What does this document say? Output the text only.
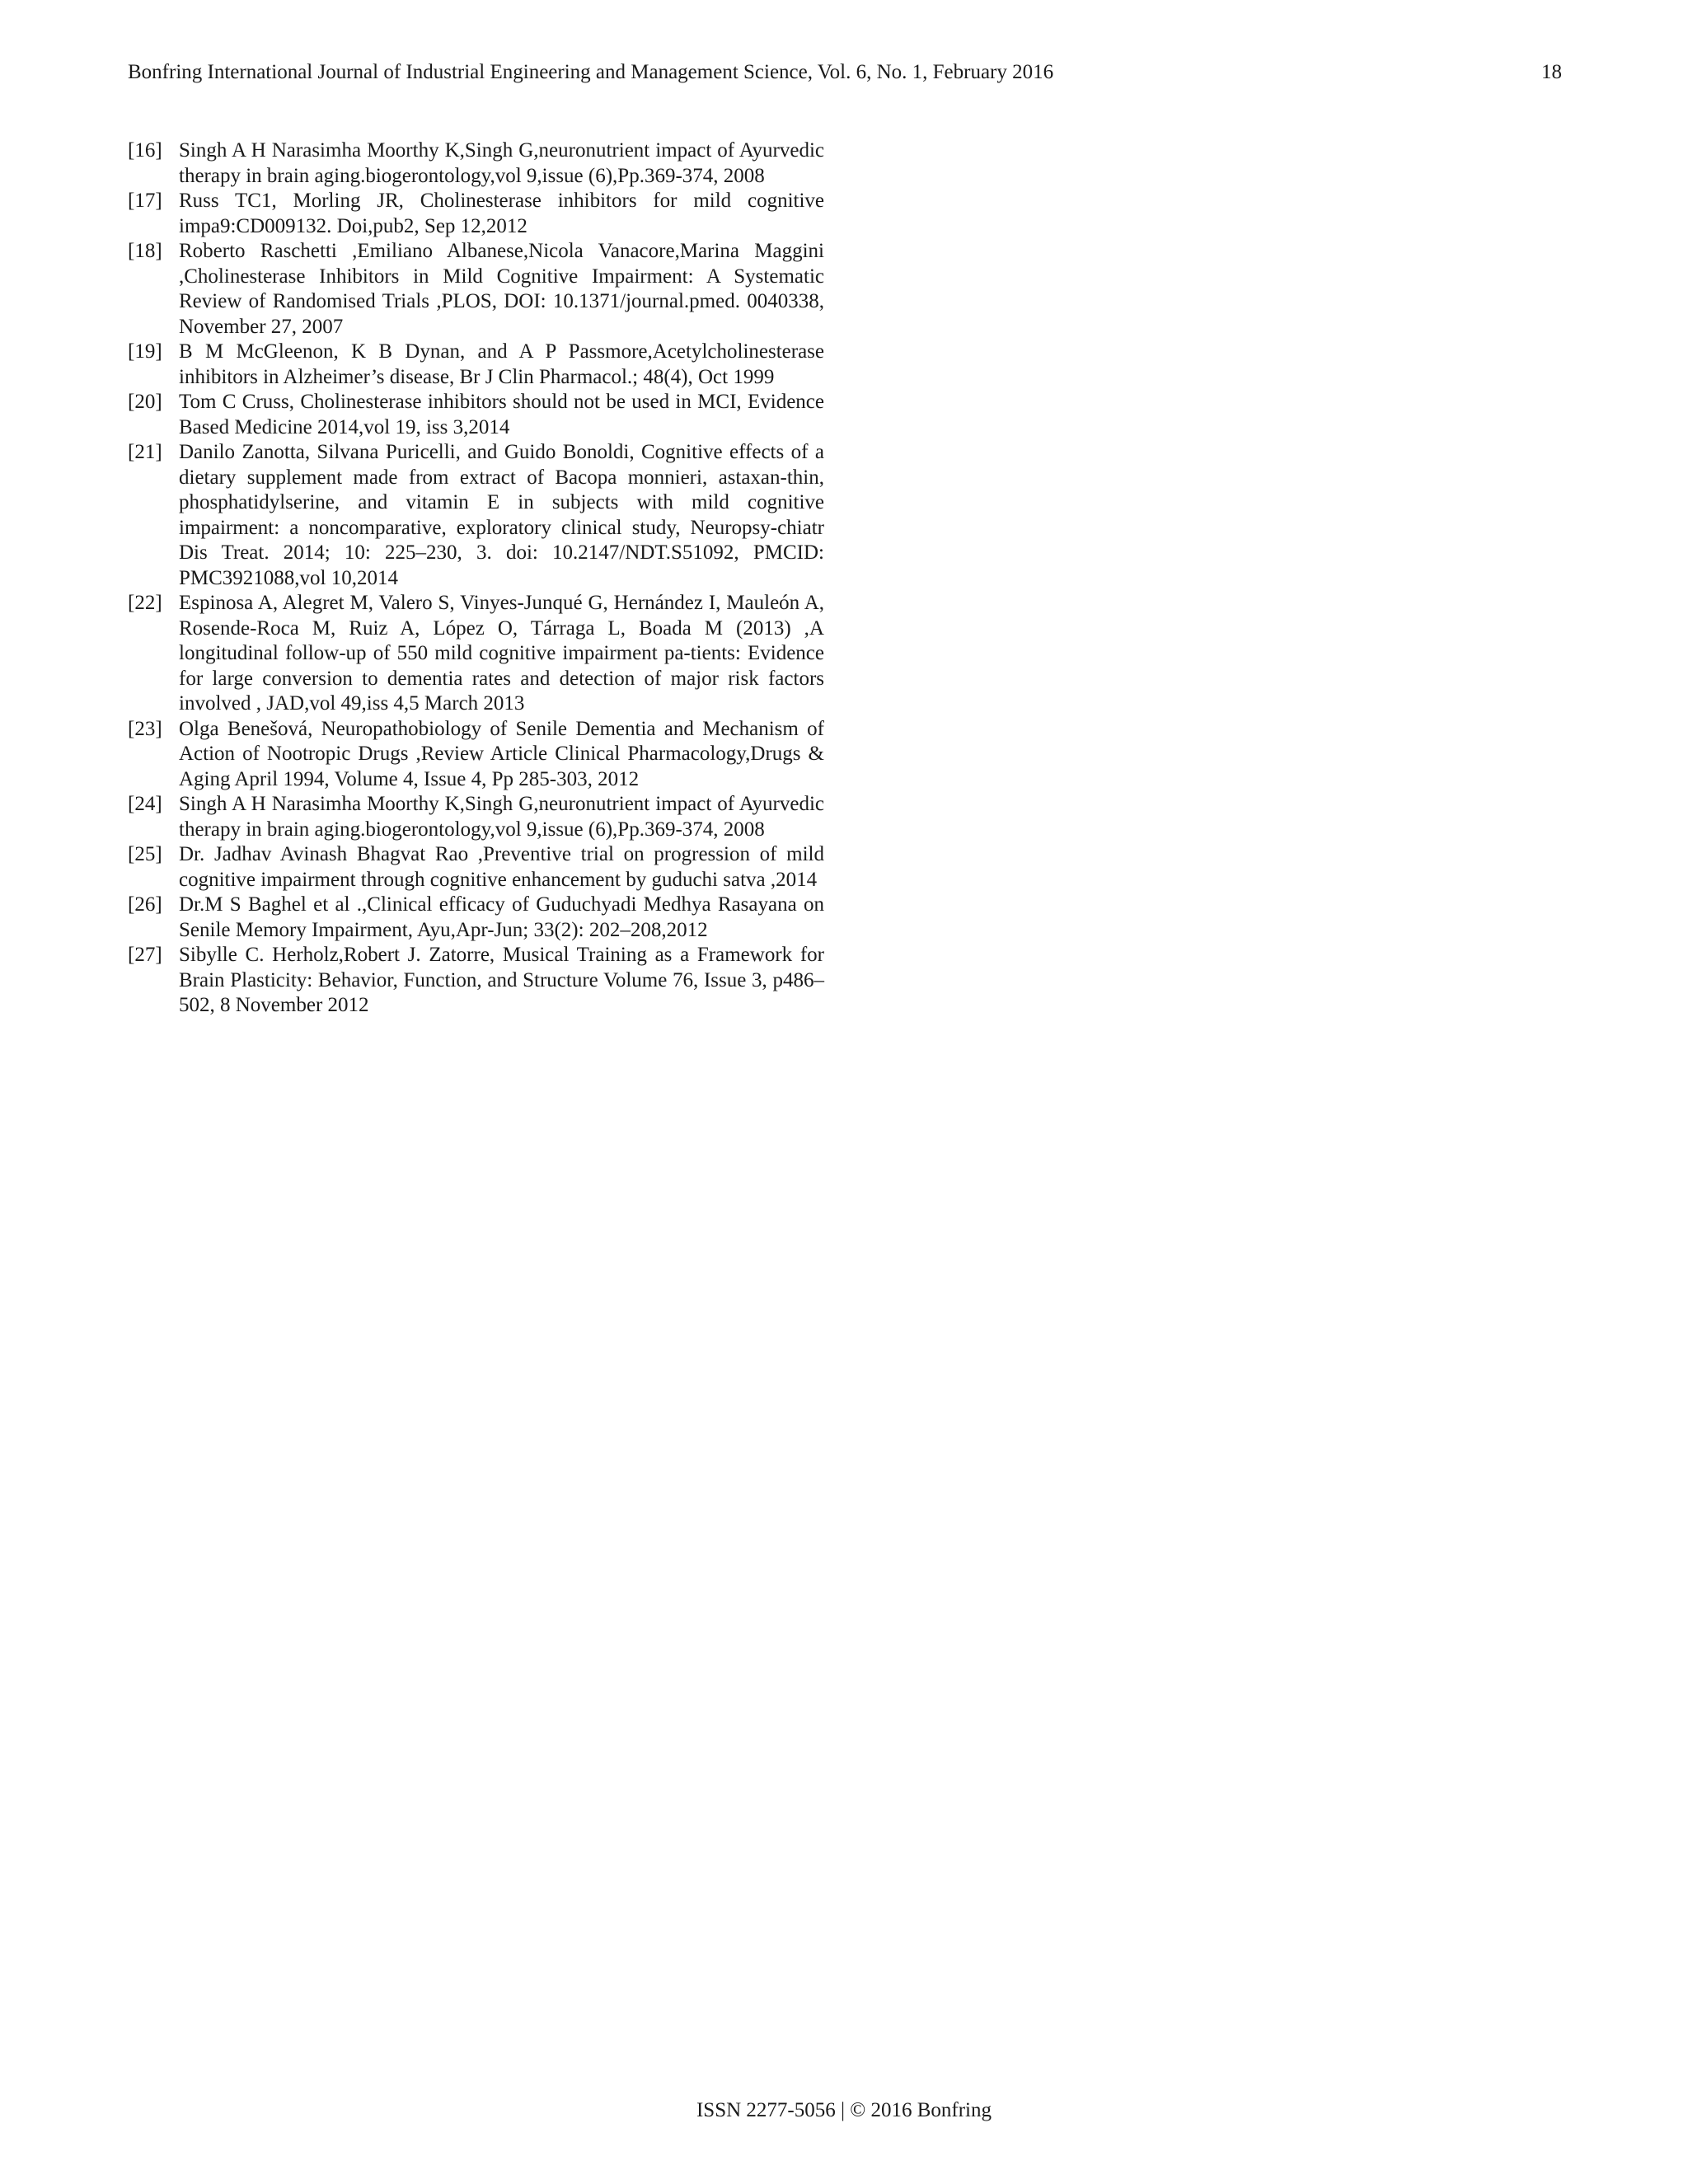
Bonfring International Journal of Industrial Engineering and Management Science, Vol. 6, No. 1, February 2016	18
[16] Singh A H Narasimha Moorthy K,Singh G,neuronutrient impact of Ayurvedic therapy in brain aging.biogerontology,vol 9,issue (6),Pp.369-374, 2008
[17] Russ TC1, Morling JR, Cholinesterase inhibitors for mild cognitive impa9:CD009132. Doi,pub2, Sep 12,2012
[18] Roberto Raschetti ,Emiliano Albanese,Nicola Vanacore,Marina Maggini ,Cholinesterase Inhibitors in Mild Cognitive Impairment: A Systematic Review of Randomised Trials ,PLOS, DOI: 10.1371/journal.pmed. 0040338, November 27, 2007
[19] B M McGleenon, K B Dynan, and A P Passmore,Acetylcholinesterase inhibitors in Alzheimer’s disease, Br J Clin Pharmacol.; 48(4), Oct 1999
[20] Tom C Cruss, Cholinesterase inhibitors should not be used in MCI, Evidence Based Medicine 2014,vol 19, iss 3,2014
[21] Danilo Zanotta, Silvana Puricelli, and Guido Bonoldi, Cognitive effects of a dietary supplement made from extract of Bacopa monnieri, astaxan-thin, phosphatidylserine, and vitamin E in subjects with mild cognitive impairment: a noncomparative, exploratory clinical study, Neuropsy-chiatr Dis Treat. 2014; 10: 225–230, 3. doi: 10.2147/NDT.S51092, PMCID: PMC3921088,vol 10,2014
[22] Espinosa A, Alegret M, Valero S, Vinyes-Junqué G, Hernández I, Mauleón A, Rosende-Roca M, Ruiz A, López O, Tárraga L, Boada M (2013) ,A longitudinal follow-up of 550 mild cognitive impairment pa-tients: Evidence for large conversion to dementia rates and detection of major risk factors involved , JAD,vol 49,iss 4,5 March 2013
[23] Olga Benešová, Neuropathobiology of Senile Dementia and Mechanism of Action of Nootropic Drugs ,Review Article Clinical Pharmacology,Drugs & Aging April 1994, Volume 4, Issue 4, Pp 285-303, 2012
[24] Singh A H Narasimha Moorthy K,Singh G,neuronutrient impact of Ayurvedic therapy in brain aging.biogerontology,vol 9,issue (6),Pp.369-374, 2008
[25] Dr. Jadhav Avinash Bhagvat Rao ,Preventive trial on progression of mild cognitive impairment through cognitive enhancement by guduchi satva ,2014
[26] Dr.M S Baghel et al .,Clinical efficacy of Guduchyadi Medhya Rasayana on Senile Memory Impairment, Ayu,Apr-Jun; 33(2): 202–208,2012
[27] Sibylle C. Herholz,Robert J. Zatorre, Musical Training as a Framework for Brain Plasticity: Behavior, Function, and Structure Volume 76, Issue 3, p486–502, 8 November 2012
ISSN 2277-5056 | © 2016 Bonfring
